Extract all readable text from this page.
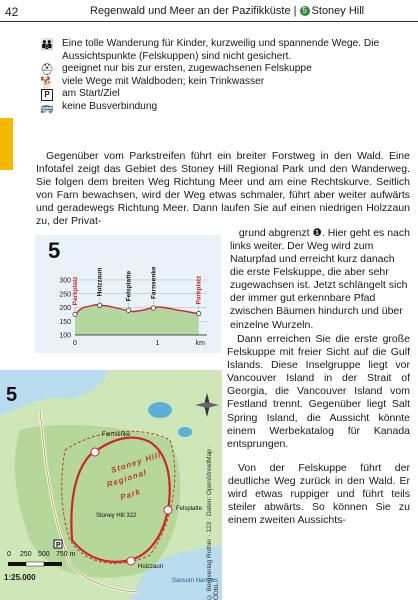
42	Regenwald und Meer an der Pazifikküste | 5 Stoney Hill
👪 Eine tolle Wanderung für Kinder, kurzweilig und spannende Wege. Die Aussichtspunkte (Felskuppen) sind nicht gesichert.
⛑ geeignet nur bis zur ersten, zugewachsenen Felskuppe
🐕 viele Wege mit Waldboden; kein Trinkwasser
P	am Start/Ziel
🚌 keine Busverbindung
Gegenüber vom Parkstreifen führt ein breiter Forstweg in den Wald. Eine Infotafel zeigt das Gebiet des Stoney Hill Regional Park und den Wanderweg. Sie folgen dem breiten Weg Richtung Meer und am eine Rechtskurve. Seitlich von Farn bewachsen, wird der Weg etwas schmaler, führt aber weiter aufwärts und geradewegs Richtung Meer. Dann laufen Sie auf einen niedrigen Holzzaun zu, der Privat-
grund abgrenzt ❶. Hier geht es nach
links weiter. Der Weg wird zum Naturpfad und erreicht kurz danach die erste Felskuppe, die aber sehr zugewachsen ist. Jetzt schlängelt sich der immer gut erkennbare Pfad zwischen Bäumen hindurch und über einzelne Wurzeln.
Dann erreichen Sie die erste große Felskuppe mit freier Sicht auf die Gulf Islands. Diese Inselgruppe liegt vor Vancouver Island in der Strait of Georgia, die Vancouver Island vom Festland trennt. Gegenüber liegt Salt Spring Island, die Aussicht könnte einem Werbekatalog für Kanada entsprungen.
Von der Felskuppe führt der deutliche Weg zurück in den Wald. Er wird etwas ruppiger und führt teils steiler abwärts. So können Sie zu einem zweiten Aussichts-
5
300
250
200
150
100
0	1	km
Parkplatz	Holzzaun	Felsplatte	Farnsenke	Parkplatz
P
5
Stoney Hill
Regional
Park
Farnsenke
Felsplatte
Stoney Hill 322
Holzzaun
Sansum Narrows
0 250 500 750 m
1:25.000	© Bergverlag Rother · 123 · Daten: OpenStreetMap · ODbL
